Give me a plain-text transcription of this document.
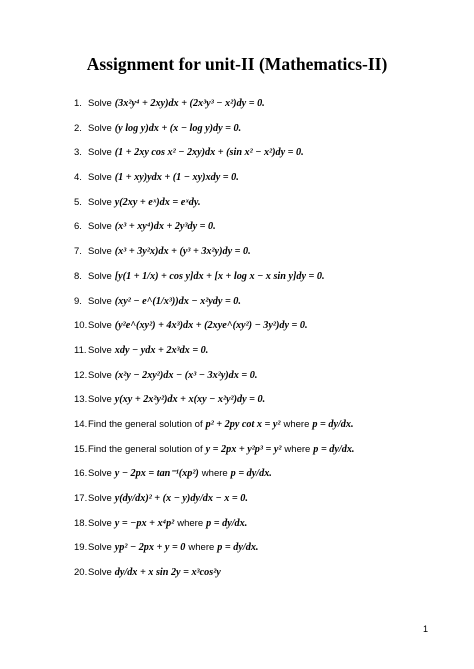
Assignment for unit-II (Mathematics-II)
1. Solve (3x²y⁴ + 2xy)dx + (2x³y³ − x²)dy = 0.
2. Solve (y log y)dx + (x − log y)dy = 0.
3. Solve (1 + 2xy cos x² − 2xy)dx + (sin x² − x²)dy = 0.
4. Solve (1 + xy)ydx + (1 − xy)xdy = 0.
5. Solve y(2xy + eˣ)dx = eˣdy.
6. Solve (x³ + xy⁴)dx + 2y³dy = 0.
7. Solve (x³ + 3y²x)dx + (y³ + 3x²y)dy = 0.
8. Solve [y(1 + 1/x) + cos y]dx + [x + log x − x sin y]dy = 0.
9. Solve (xy² − e^(1/x³))dx − x²ydy = 0.
10. Solve (y²e^(xy²) + 4x³)dx + (2xye^(xy²) − 3y²)dy = 0.
11. Solve xdy − ydx + 2x³dx = 0.
12. Solve (x²y − 2xy²)dx − (x³ − 3x²y)dx = 0.
13. Solve y(xy + 2x²y²)dx + x(xy − x²y²)dy = 0.
14. Find the general solution of p² + 2py cot x = y² where p = dy/dx.
15. Find the general solution of y = 2px + y²p³ = y² where p = dy/dx.
16. Solve y − 2px = tan⁻¹(xp²) where p = dy/dx.
17. Solve y(dy/dx)² + (x − y)dy/dx − x = 0.
18. Solve y = −px + x⁴p² where p = dy/dx.
19. Solve yp² − 2px + y = 0 where p = dy/dx.
20. Solve dy/dx + x sin 2y = x³cos²y
1
